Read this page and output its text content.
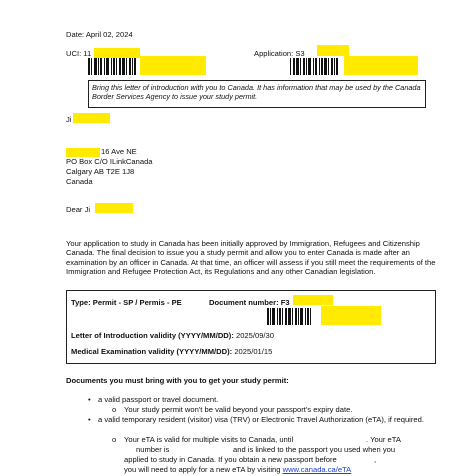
Date: April 02, 2024
UCI: 11	Application: S3
Bring this letter of introduction with you to Canada. It has information that may be used by the Canada Border Services Agency to issue your study permit.
Ji
16 Ave NE
PO Box C/O ILinkCanada
Calgary AB T2E 1J8
Canada
Dear Ji
Your application to study in Canada has been initially approved by Immigration, Refugees and Citizenship Canada. The final decision to issue you a study permit and allow you to enter Canada is made after an examination by an officer in Canada. At that time, an officer will assess if you still meet the requirements of the Immigration and Refugee Protection Act, its Regulations and any other Canadian legislation.
Type: Permit - SP / Permis - PE	Document number: F3
Letter of Introduction validity (YYYY/MM/DD): 2025/09/30
Medical Examination validity (YYYY/MM/DD): 2025/01/15
Documents you must bring with you to get your study permit:
• a valid passport or travel document.
o Your study permit won't be valid beyond your passport's expiry date.
• a valid temporary resident (visitor) visa (TRV) or Electronic Travel Authorization (eTA), if required.
o Your eTA is valid for multiple visits to Canada, until	. Your eTA
number is	and is linked to the passport you used when you
applied to study in Canada. If you obtain a new passport before	,
you will need to apply for a new eTA by visiting www.canada.ca/eTA
